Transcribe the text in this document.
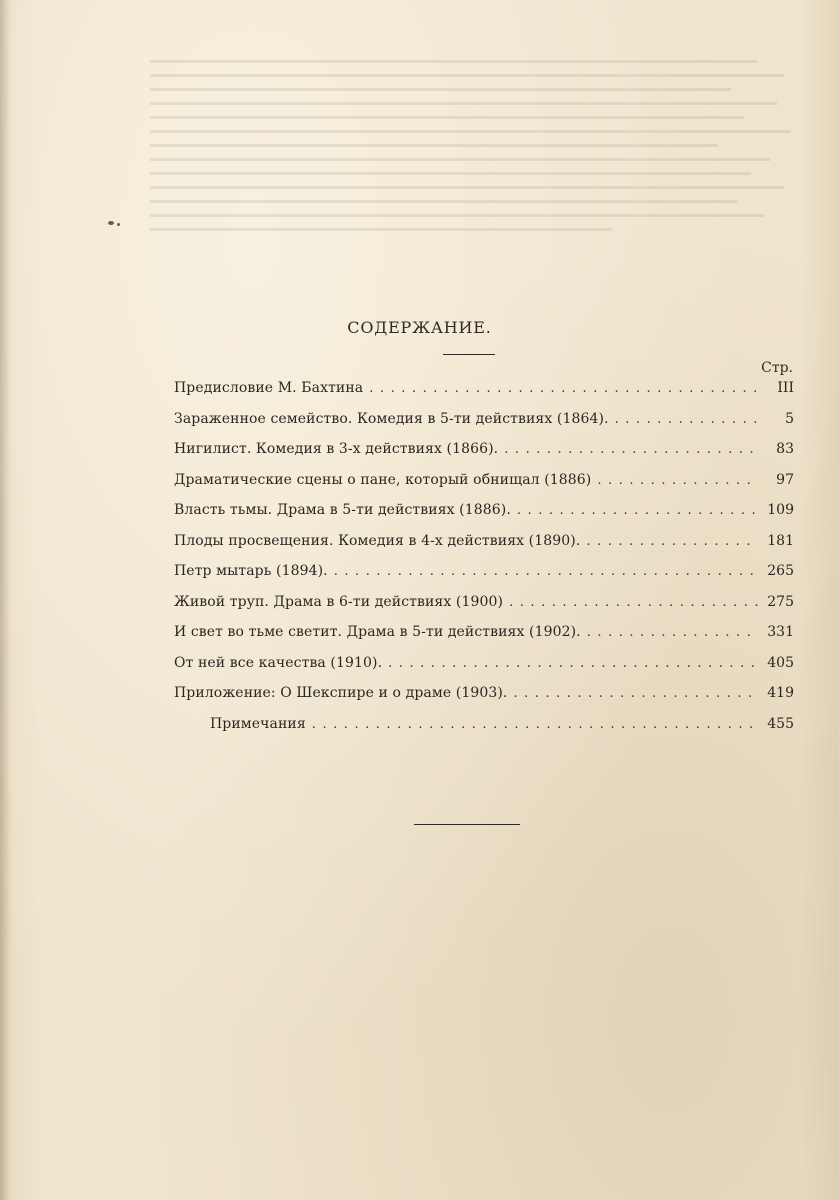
СОДЕРЖАНИЕ.
Стр.
Предисловие М. Бахтина . . .	III
Зараженное семейство. Комедия в 5-ти действиях (1864). . . .	5
Нигилист. Комедия в 3-х действиях (1866). . . .	83
Драматические сцены о пане, который обнищал (1886) . . .	97
Власть тьмы. Драма в 5-ти действиях (1886). . . .	109
Плоды просвещения. Комедия в 4-х действиях (1890). . . .	181
Петр мытарь (1894). . . .	265
Живой труп. Драма в 6-ти действиях (1900) . . .	275
И свет во тьме светит. Драма в 5-ти действиях (1902). . . .	331
От ней все качества (1910). . . .	405
Приложение: О Шекспире и о драме (1903). . . .	419
Примечания . . .	455
